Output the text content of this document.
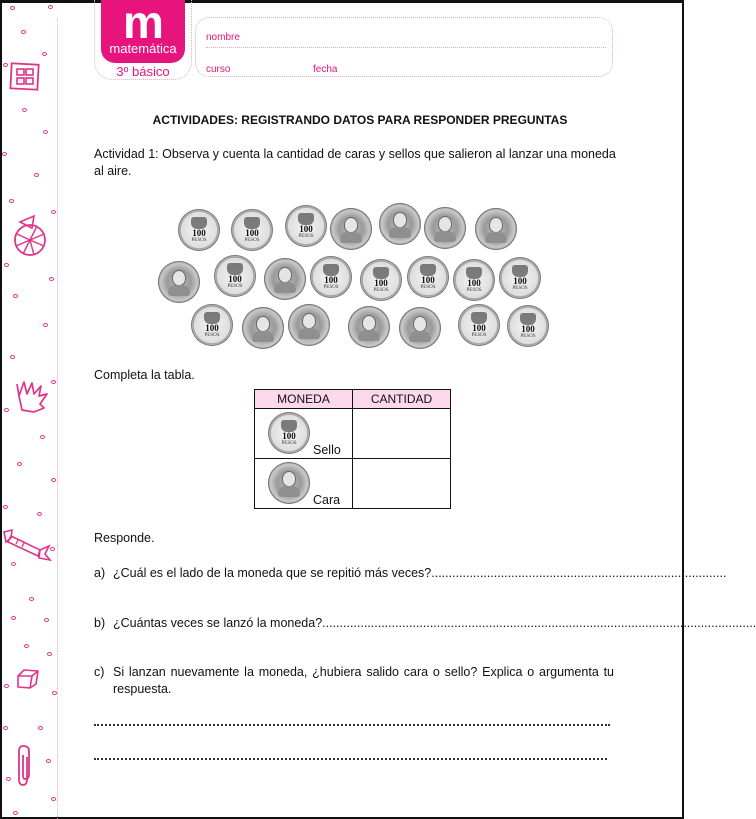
m
matemática
3º básico
nombre
curso	fecha
ACTIVIDADES: REGISTRANDO DATOS PARA RESPONDER PREGUNTAS
Actividad 1: Observa y cuenta la cantidad de caras y sellos que salieron al lanzar una moneda al aire.
100
PESOS
100
PESOS
100
PESOS
100
PESOS
100
PESOS	100
PESOS
100
PESOS	100
PESOS
100
PESOS
100
PESOS
100
PESOS
100
PESOS
Completa la tabla.
MONEDA	CANTIDAD

100
PESOS Sello	

Cara	

Responde.
a) ¿Cuál es el lado de la moneda que se repitió más veces?.....................................................................................
b) ¿Cuántas veces se lanzó la moneda?.............................................................................................................................
c) Si lanzan nuevamente la moneda, ¿hubiera salido cara o sello? Explica o argumenta tu respuesta.
